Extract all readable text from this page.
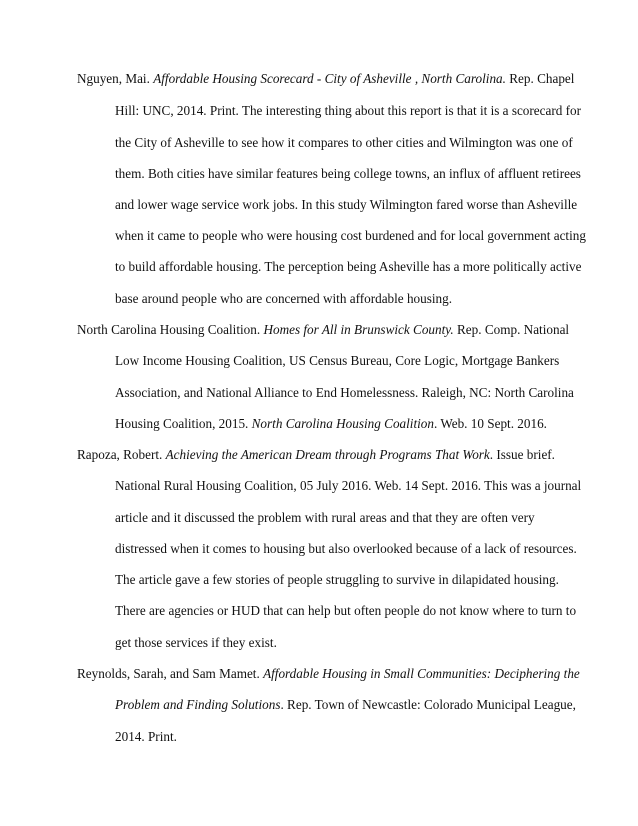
Nguyen, Mai. Affordable Housing Scorecard - City of Asheville , North Carolina. Rep. Chapel
Hill: UNC, 2014. Print. The interesting thing about this report is that it is a scorecard for
the City of Asheville to see how it compares to other cities and Wilmington was one of
them. Both cities have similar features being college towns, an influx of affluent retirees
and lower wage service work jobs. In this study Wilmington fared worse than Asheville
when it came to people who were housing cost burdened and for local government acting
to build affordable housing. The perception being Asheville has a more politically active
base around people who are concerned with affordable housing.
North Carolina Housing Coalition. Homes for All in Brunswick County. Rep. Comp. National
Low Income Housing Coalition, US Census Bureau, Core Logic, Mortgage Bankers
Association, and National Alliance to End Homelessness. Raleigh, NC: North Carolina
Housing Coalition, 2015. North Carolina Housing Coalition. Web. 10 Sept. 2016.
Rapoza, Robert. Achieving the American Dream through Programs That Work. Issue brief.
National Rural Housing Coalition, 05 July 2016. Web. 14 Sept. 2016. This was a journal
article and it discussed the problem with rural areas and that they are often very
distressed when it comes to housing but also overlooked because of a lack of resources.
The article gave a few stories of people struggling to survive in dilapidated housing.
There are agencies or HUD that can help but often people do not know where to turn to
get those services if they exist.
Reynolds, Sarah, and Sam Mamet. Affordable Housing in Small Communities: Deciphering the
Problem and Finding Solutions. Rep. Town of Newcastle: Colorado Municipal League,
2014. Print.
